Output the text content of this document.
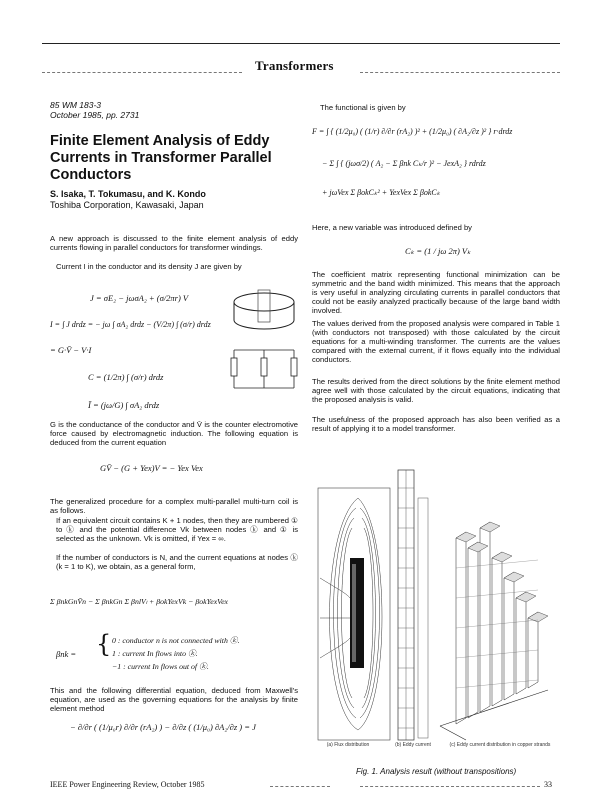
Transformers
85 WM 183-3
October 1985, pp. 2731
Finite Element Analysis of Eddy
Currents in Transformer Parallel
Conductors
S. Isaka, T. Tokumasu, and K. Kondo
Toshiba Corporation, Kawasaki, Japan
A new approach is discussed to the finite element analysis of eddy currents flowing in parallel conductors for transformer windings.
Current I in the conductor and its density J are given by
J = σE₂ − jωσA₂ + (σ/2πr) V
I = ∫ J drdz = − jω ∫ σA₂ drdz − (V/2π) ∫ (σ/r) drdz
= G·V̄ − V·I
C = (1/2π) ∫ (σ/r) drdz
Ī = (jω/G) ∫ σA₂ drdz
G is the conductance of the conductor and V̄ is the counter electromotive force caused by electromagnetic induction. The following equation is deduced from the current equation
GV̄ − (G + Yex)V = − Yex Vex
The generalized procedure for a complex multi-parallel multi-turn coil is as follows.
If an equivalent circuit contains K + 1 nodes, then they are numbered ① to ⓚ and the potential difference Vk between nodes ⓚ and ① is selected as the unknown. Vk is omitted, if Yex = ∞.
If the number of conductors is N, and the current equations at nodes ⓚ (k = 1 to K), we obtain, as a general form,
Σ βnkGnV̄n − Σ βnkGn Σ βnlVₗ + βokYexVk − βokYexVex
βnk = { 0 : conductor n is not connected with ⓚ.
1 : current In flows into ⓚ.
−1 : current In flows out of ⓚ.
This and the following differential equation, deduced from Maxwell's equation, are used as the governing equations for the analysis by finite element method
− ∂/∂r ( (1/μ₀r) ∂/∂r (rA₂) ) − ∂/∂z ( (1/μ₀) ∂A₂/∂z ) = J
The functional is given by
F = ∫ { (1/2μ₀) ( (1/r) ∂/∂r (rA₂) )² + (1/2μ₀) ( ∂A₂/∂z )² } r·drdz
− Σ ∫ { (jωσ/2) ( A₂ − Σ βnk Cₖ/r )² − JexA₂ } rdrdz
+ jωVex Σ βokCₖ² + YexVex Σ βokCₖ
Here, a new variable was introduced defined by
Cₖ = (1 / jω 2π) Vₖ
The coefficient matrix representing functional minimization can be symmetric and the band width minimized. This means that the approach is very useful in analyzing circulating currents in parallel conductors that could not be easily analyzed practically because of the large band width involved.
The values derived from the proposed analysis were compared in Table 1 (with conductors not transposed) with those calculated by the circuit equations for a multi-winding transformer. The currents are the values compared with the external current, if it flows equally into the individual conductors.
The results derived from the direct solutions by the finite element method agree well with those calculated by the circuit equations, indicating that the proposed analysis is valid.
The usefulness of the proposed approach has also been verified as a result of applying it to a model transformer.
(a) Flux distribution	(b) Eddy current	(c) Eddy current distribution in copper strands
Fig. 1. Analysis result (without transpositions)
IEEE Power Engineering Review, October 1985	33
